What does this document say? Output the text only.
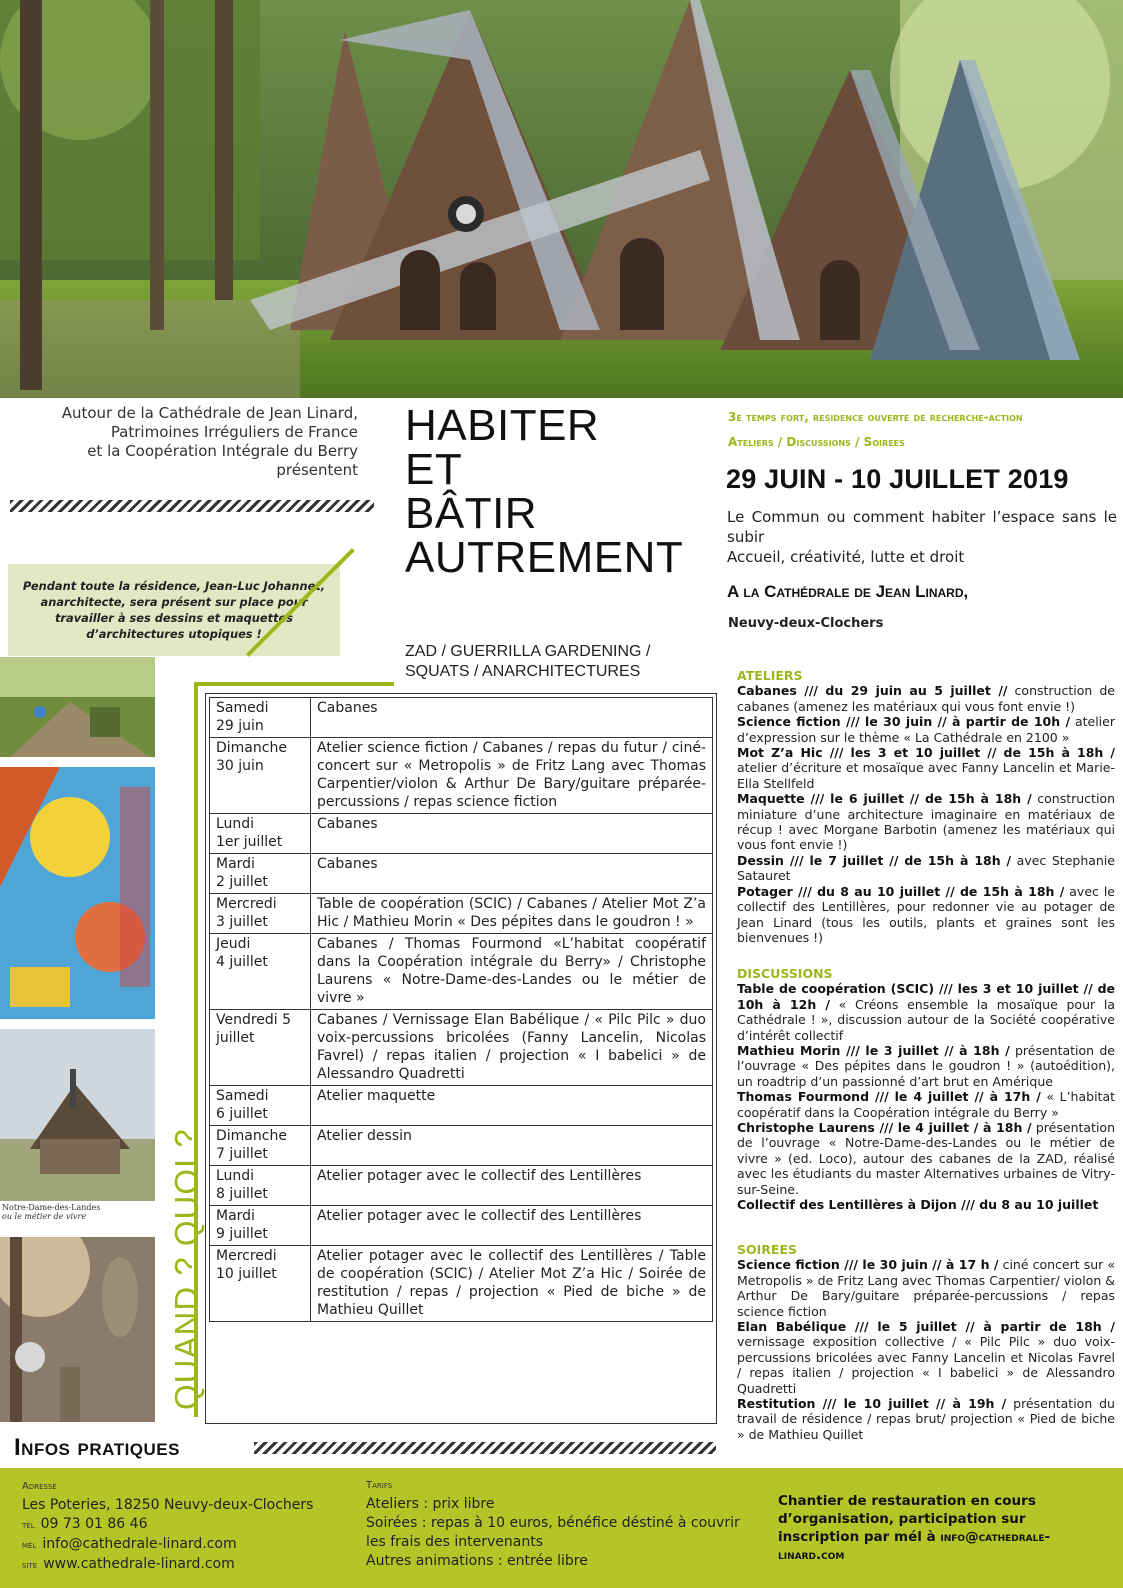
Autour de la Cathédrale de Jean Linard,
Patrimoines Irréguliers de France
et la Coopération Intégrale du Berry
présentent
HABITER
ET
BÂTIR
AUTREMENT
ZAD / GUERRILLA GARDENING /
SQUATS / ANARCHITECTURES
Pendant toute la résidence, Jean-Luc Johannet, anarchitecte, sera présent sur place pour travailler à ses dessins et maquettes d’architectures utopiques !
3e temps fort, residence ouverte de recherche-action
Ateliers / Discussions / Soirees
29 JUIN - 10 JUILLET 2019

Le Commun ou comment habiter l’espace sans le subir

Accueil, créativité, lutte et droit

A la Cathédrale de Jean Linard,
Neuvy-deux-Clochers
Notre-Dame-des-Landes
ou le métier de vivre	QUAND ? QUOI ?
Samedi
29 juin	Cabanes

Dimanche
30 juin	Atelier science fiction / Cabanes / repas du futur / ciné-concert sur « Metropolis » de Fritz Lang avec Thomas Carpentier/violon & Arthur De Bary/guitare préparée-percussions / repas science fiction

Lundi
1er juillet	Cabanes

Mardi
2 juillet	Cabanes

Mercredi
3 juillet	Table de coopération (SCIC) / Cabanes / Atelier Mot Z’a Hic / Mathieu Morin « Des pépites dans le goudron ! »

Jeudi
4 juillet	Cabanes / Thomas Fourmond «L’habitat coopératif dans la Coopération intégrale du Berry» / Christophe Laurens « Notre-Dame-des-Landes ou le métier de vivre »

Vendredi 5
juillet	Cabanes / Vernissage Elan Babélique / « Pilc Pilc » duo voix-percussions bricolées (Fanny Lancelin, Nicolas Favrel) / repas italien / projection « I babelici » de Alessandro Quadretti

Samedi
6 juillet	Atelier maquette

Dimanche
7 juillet	Atelier dessin

Lundi
8 juillet	Atelier potager avec le collectif des Lentillères

Mardi
9 juillet	Atelier potager avec le collectif des Lentillères

Mercredi
10 juillet	Atelier potager avec le collectif des Lentillères / Table de coopération (SCIC) / Atelier Mot Z’a Hic / Soirée de restitution / repas / projection « Pied de biche » de Mathieu Quillet
ATELIERS
Cabanes /// du 29 juin au 5 juillet // construction de cabanes (amenez les matériaux qui vous font envie !)
Science fiction /// le 30 juin // à partir de 10h / atelier d’expression sur le thème « La Cathédrale en 2100 »
Mot Z’a Hic /// les 3 et 10 juillet // de 15h à 18h / atelier d’écriture et mosaïque avec Fanny Lancelin et Marie-Ella Stellfeld
Maquette /// le 6 juillet // de 15h à 18h / construction miniature d’une architecture imaginaire en matériaux de récup ! avec Morgane Barbotin (amenez les matériaux qui vous font envie !)
Dessin /// le 7 juillet // de 15h à 18h / avec Stephanie Satauret
Potager /// du 8 au 10 juillet // de 15h à 18h / avec le collectif des Lentillères, pour redonner vie au potager de Jean Linard (tous les outils, plants et graines sont les bienvenues !)
DISCUSSIONS
Table de coopération (SCIC) /// les 3 et 10 juillet // de 10h à 12h / « Créons ensemble la mosaïque pour la Cathédrale ! », discussion autour de la Société coopérative d’intérêt collectif
Mathieu Morin /// le 3 juillet // à 18h / présentation de l’ouvrage « Des pépites dans le goudron ! » (autoédition), un roadtrip d’un passionné d’art brut en Amérique
Thomas Fourmond /// le 4 juillet // à 17h / « L’habitat coopératif dans la Coopération intégrale du Berry »
Christophe Laurens /// le 4 juillet / à 18h / présentation de l’ouvrage « Notre-Dame-des-Landes ou le métier de vivre » (ed. Loco), autour des cabanes de la ZAD, réalisé avec les étudiants du master Alternatives urbaines de Vitry-sur-Seine.
Collectif des Lentillères à Dijon /// du 8 au 10 juillet
SOIREES
Science fiction /// le 30 juin // à 17 h / ciné concert sur « Metropolis » de Fritz Lang avec Thomas Carpentier/ violon & Arthur De Bary/guitare préparée-percussions / repas science fiction
Elan Babélique /// le 5 juillet // à partir de 18h / vernissage exposition collective / « Pilc Pilc » duo voix-percussions bricolées avec Fanny Lancelin et Nicolas Favrel / repas italien / projection « I babelici » de Alessandro Quadretti
Restitution /// le 10 juillet // à 19h / présentation du travail de résidence / repas brut/ projection « Pied de biche » de Mathieu Quillet
Infos pratiques
Adresse
Les Poteries, 18250 Neuvy-deux-Clochers
tél 09 73 01 86 46
mél info@cathedrale-linard.com
site www.cathedrale-linard.com
Tarifs
Ateliers : prix libre
Soirées : repas à 10 euros, bénéfice déstiné à couvrir les frais des intervenants
Autres animations : entrée libre
Chantier de restauration en cours d’organisation, participation sur inscription par mél à info@cathedrale-linard.com
